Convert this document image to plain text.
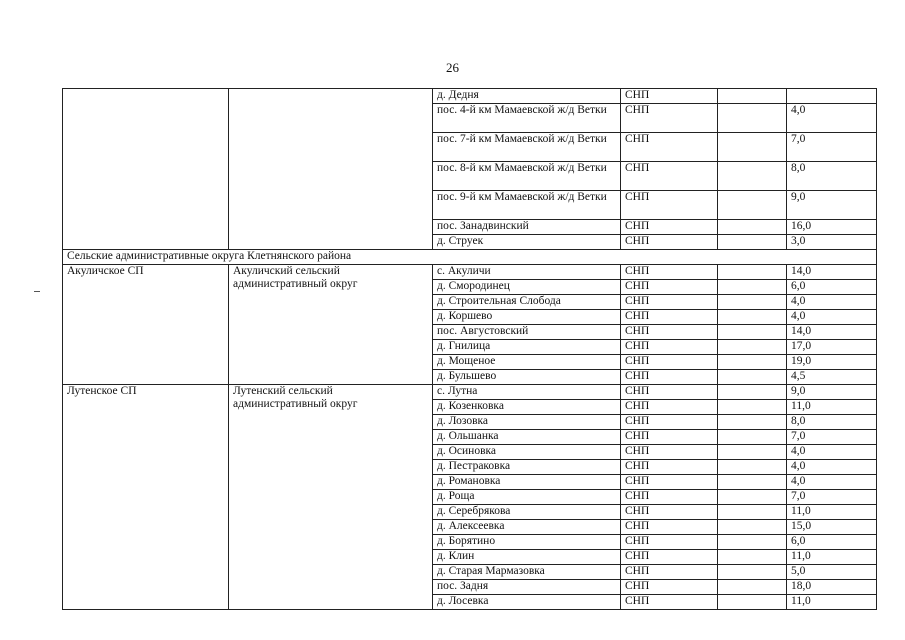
26
		д. Дедня	СНП		
		пос. 4-й км Мамаевской ж/д Ветки	СНП		4,0
		пос. 7-й км Мамаевской ж/д Ветки	СНП		7,0
		пос. 8-й км Мамаевской ж/д Ветки	СНП		8,0
		пос. 9-й км Мамаевской ж/д Ветки	СНП		9,0
		пос. Занадвинский	СНП		16,0
		д. Струек	СНП		3,0
Сельские административные округа Клетнянского района					
Акуличское СП	Акуличский сельский административный округ	с. Акуличи	СНП		14,0
		д. Смородинец	СНП		6,0
		д. Строительная Слобода	СНП		4,0
		д. Коршево	СНП		4,0
		пос. Августовский	СНП		14,0
		д. Гнилица	СНП		17,0
		д. Мощеное	СНП		19,0
		д. Бульшево	СНП		4,5
Лутенское СП	Лутенский сельский административный округ	с. Лутна	СНП		9,0
		д. Козенковка	СНП		11,0
		д. Лозовка	СНП		8,0
		д. Ольшанка	СНП		7,0
		д. Осиновка	СНП		4,0
		д. Пестраковка	СНП		4,0
		д. Романовка	СНП		4,0
		д. Роща	СНП		7,0
		д. Серебрякова	СНП		11,0
		д. Алексеевка	СНП		15,0
		д. Борятино	СНП		6,0
		д. Клин	СНП		11,0
		д. Старая Мармазовка	СНП		5,0
		пос. Задня	СНП		18,0
		д. Лосевка	СНП		11,0
